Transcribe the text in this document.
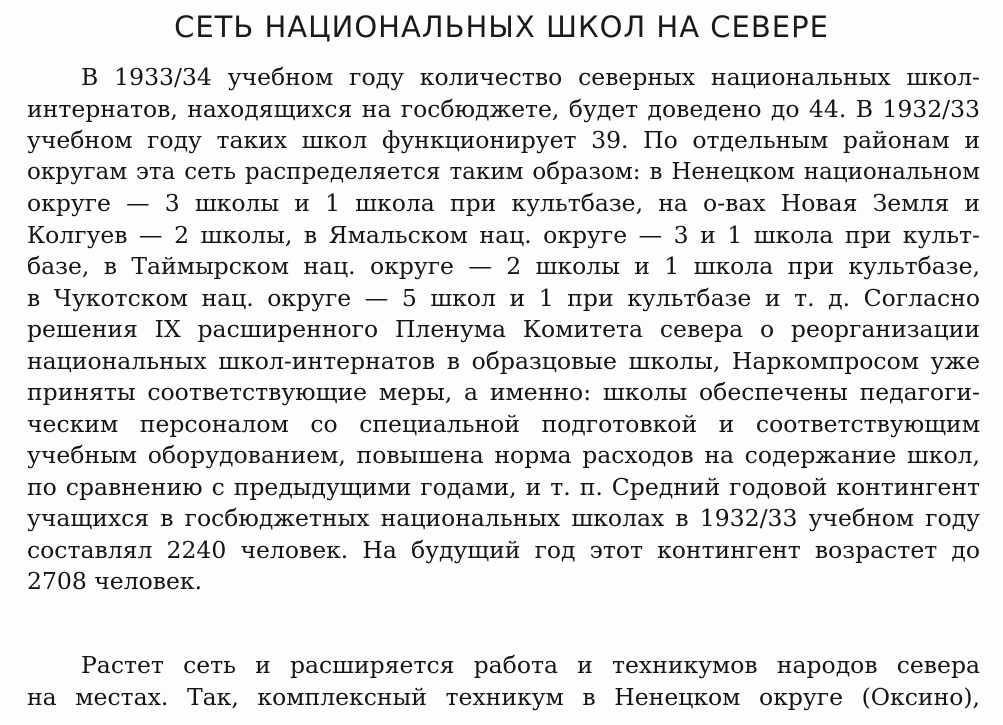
СЕТЬ НАЦИОНАЛЬНЫХ ШКОЛ НА СЕВЕРЕ
В 1933/34 учебном году количество северных национальных школ-
интернатов, находящихся на госбюджете, будет доведено до 44. В 1932/33
учебном году таких школ функционирует 39. По отдельным районам и
округам эта сеть распределяется таким образом: в Ненецком национальном
округе — 3 школы и 1 школа при культбазе, на о-вах Новая Земля и
Колгуев — 2 школы, в Ямальском нац. округе — 3 и 1 школа при культ-
базе, в Таймырском нац. округе — 2 школы и 1 школа при культбазе,
в Чукотском нац. округе — 5 школ и 1 при культбазе и т. д. Согласно
решения IX расширенного Пленума Комитета севера о реорганизации
национальных школ-интернатов в образцовые школы, Наркомпросом уже
приняты соответствующие меры, а именно: школы обеспечены педагоги-
ческим персоналом со специальной подготовкой и соответствующим
учебным оборудованием, повышена норма расходов на содержание школ,
по сравнению с предыдущими годами, и т. п. Средний годовой контингент
учащихся в госбюджетных национальных школах в 1932/33 учебном году
составлял 2240 человек. На будущий год этот контингент возрастет до
2708 человек.
Растет сеть и расширяется работа и техникумов народов севера
на местах. Так, комплексный техникум в Ненецком округе (Оксино),
